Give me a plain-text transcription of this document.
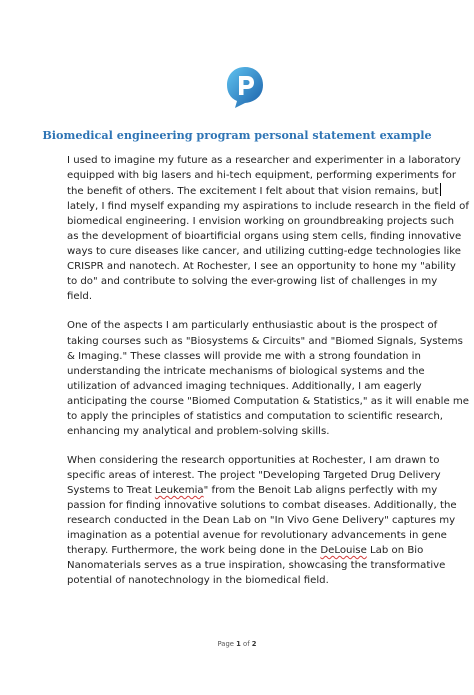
Biomedical engineering program personal statement example

I used to imagine my future as a researcher and experimenter in a laboratory
equipped with big lasers and hi-tech equipment, performing experiments for
the benefit of others. The excitement I felt about that vision remains, but
lately, I find myself expanding my aspirations to include research in the field of
biomedical engineering. I envision working on groundbreaking projects such
as the development of bioartificial organs using stem cells, finding innovative
ways to cure diseases like cancer, and utilizing cutting-edge technologies like
CRISPR and nanotech. At Rochester, I see an opportunity to hone my "ability
to do" and contribute to solving the ever-growing list of challenges in my
field.

One of the aspects I am particularly enthusiastic about is the prospect of
taking courses such as "Biosystems & Circuits" and "Biomed Signals, Systems
& Imaging." These classes will provide me with a strong foundation in
understanding the intricate mechanisms of biological systems and the
utilization of advanced imaging techniques. Additionally, I am eagerly
anticipating the course "Biomed Computation & Statistics," as it will enable me
to apply the principles of statistics and computation to scientific research,
enhancing my analytical and problem-solving skills.

When considering the research opportunities at Rochester, I am drawn to
specific areas of interest. The project "Developing Targeted Drug Delivery
Systems to Treat Leukemia" from the Benoit Lab aligns perfectly with my
passion for finding innovative solutions to combat diseases. Additionally, the
research conducted in the Dean Lab on "In Vivo Gene Delivery" captures my
imagination as a potential avenue for revolutionary advancements in gene
therapy. Furthermore, the work being done in the DeLouise Lab on Bio
Nanomaterials serves as a true inspiration, showcasing the transformative
potential of nanotechnology in the biomedical field.

Page 1 of 2
